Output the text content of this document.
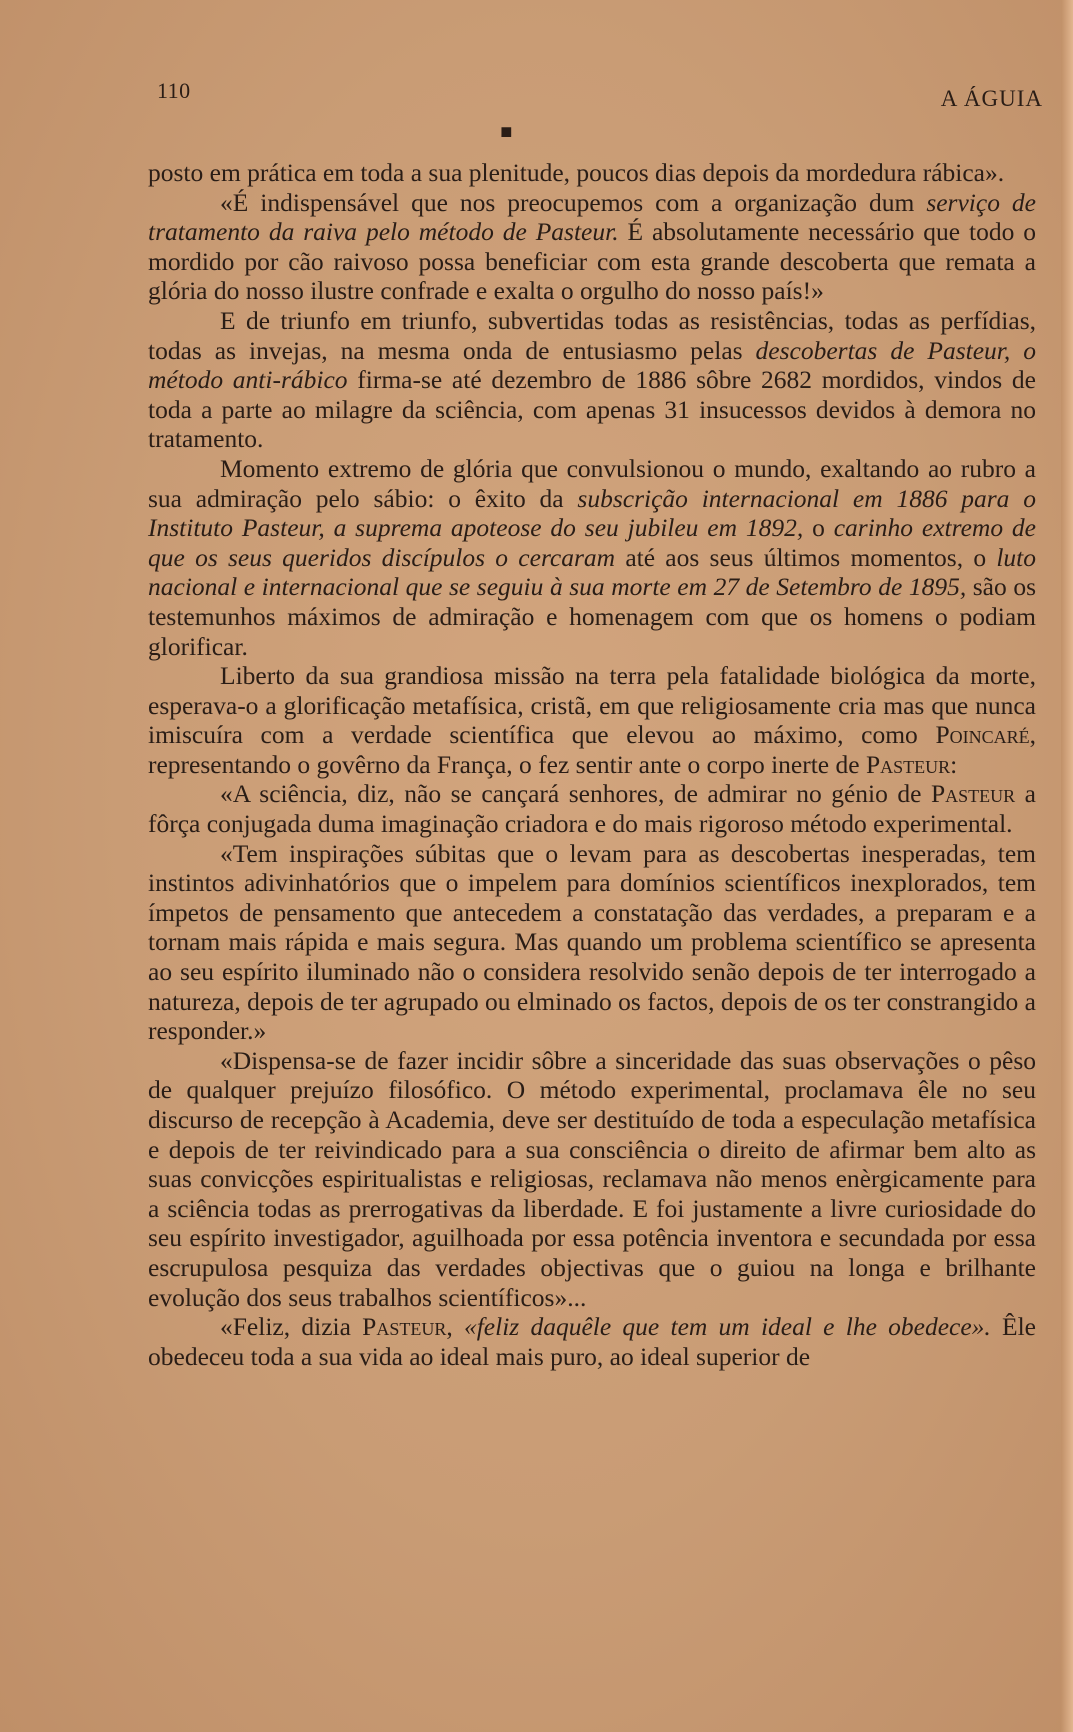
110	A ÁGUIA
◆

posto em prática em toda a sua plenitude, poucos dias depois da mordedura rábica».

«É indispensável que nos preocupemos com a organização dum serviço de tratamento da raiva pelo método de Pasteur. É absolutamente necessário que todo o mordido por cão raivoso possa beneficiar com esta grande descoberta que remata a glória do nosso ilustre confrade e exalta o orgulho do nosso país!»

E de triunfo em triunfo, subvertidas todas as resistências, todas as perfídias, todas as invejas, na mesma onda de entusiasmo pelas descobertas de Pasteur, o método anti-rábico firma-se até dezembro de 1886 sôbre 2682 mordidos, vindos de toda a parte ao milagre da sciência, com apenas 31 insucessos devidos à demora no tratamento.

Momento extremo de glória que convulsionou o mundo, exaltando ao rubro a sua admiração pelo sábio: o êxito da subscrição internacional em 1886 para o Instituto Pasteur, a suprema apoteose do seu jubileu em 1892, o carinho extremo de que os seus queridos discípulos o cercaram até aos seus últimos momentos, o luto nacional e internacional que se seguiu à sua morte em 27 de Setembro de 1895, são os testemunhos máximos de admiração e homenagem com que os homens o podiam glorificar.

Liberto da sua grandiosa missão na terra pela fatalidade biológica da morte, esperava-o a glorificação metafísica, cristã, em que religiosamente cria mas que nunca imiscuíra com a verdade scientífica que elevou ao máximo, como Poincaré, representando o govêrno da França, o fez sentir ante o corpo inerte de Pasteur:

«A sciência, diz, não se cançará senhores, de admirar no génio de Pasteur a fôrça conjugada duma imaginação criadora e do mais rigoroso método experimental.

«Tem inspirações súbitas que o levam para as descobertas inesperadas, tem instintos adivinhatórios que o impelem para domínios scientíficos inexplorados, tem ímpetos de pensamento que antecedem a constatação das verdades, a preparam e a tornam mais rápida e mais segura. Mas quando um problema scientífico se apresenta ao seu espírito iluminado não o considera resolvido senão depois de ter interrogado a natureza, depois de ter agrupado ou elminado os factos, depois de os ter constrangido a responder.»

«Dispensa-se de fazer incidir sôbre a sinceridade das suas observações o pêso de qualquer prejuízo filosófico. O método experimental, proclamava êle no seu discurso de recepção à Academia, deve ser destituído de toda a especulação metafísica e depois de ter reivindicado para a sua consciência o direito de afirmar bem alto as suas convicções espiritualistas e religiosas, reclamava não menos enèrgicamente para a sciência todas as prerrogativas da liberdade. E foi justamente a livre curiosidade do seu espírito investigador, aguilhoada por essa potência inventora e secundada por essa escrupulosa pesquiza das verdades objectivas que o guiou na longa e brilhante evolução dos seus trabalhos scientíficos»...

«Feliz, dizia Pasteur, «feliz daquêle que tem um ideal e lhe obedece». Êle obedeceu toda a sua vida ao ideal mais puro, ao ideal superior de
